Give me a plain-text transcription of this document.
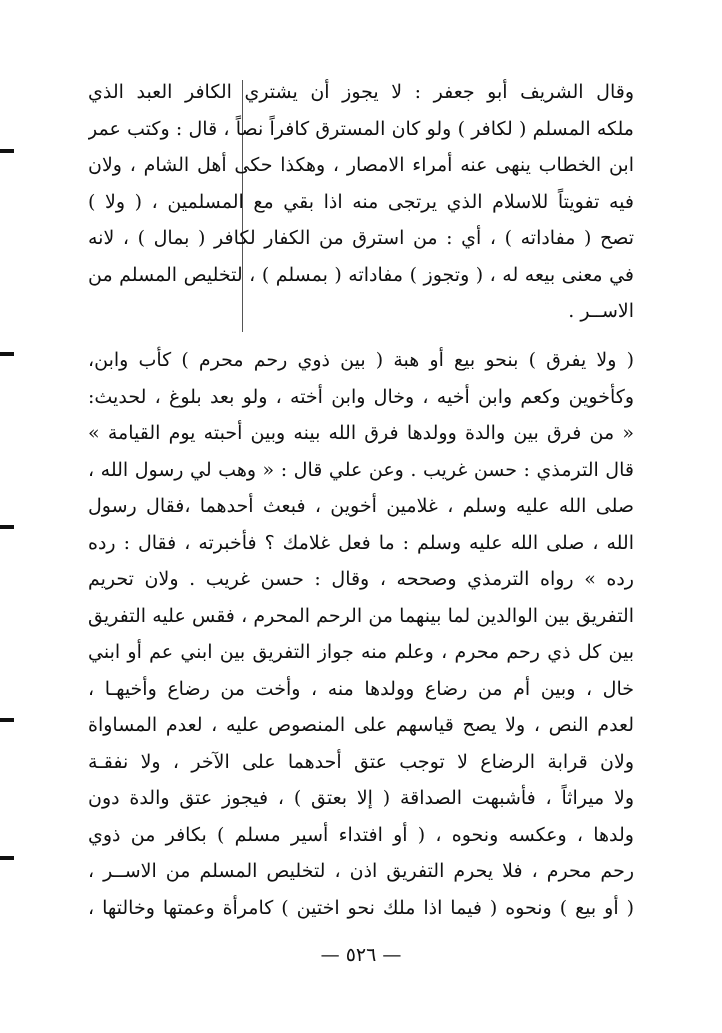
وقال الشريف أبو جعفر : لا يجوز أن يشتري الكافر العبد الذي
ملكه المسلم ( لكافر ) ولو كان المسترق كافراً نصاً ، قال : وكتب عمر
ابن الخطاب ينهى عنه أمراء الامصار ، وهكذا حكى أهل الشام ، ولان
فيه تفويتاً للاسلام الذي يرتجى منه اذا بقي مع المسلمين ، ( ولا )
تصح ( مفاداته ) ، أي : من استرق من الكفار لكافر ( بمال ) ، لانه
في معنى بيعه له ، ( وتجوز ) مفاداته ( بمسلم ) ، لتخليص المسلم من
الاســر .
( ولا يفرق ) بنحو بيع أو هبة ( بين ذوي رحم محرم ) كأب وابن،
وكأخوين وكعم وابن أخيه ، وخال وابن أخته ، ولو بعد بلوغ ، لحديث:
« من فرق بين والدة وولدها فرق الله بينه وبين أحبته يوم القيامة »
قال الترمذي : حسن غريب . وعن علي قال : « وهب لي رسول الله ،
صلى الله عليه وسلم ، غلامين أخوين ، فبعث أحدهما ،فقال رسول
الله ، صلى الله عليه وسلم : ما فعل غلامك ؟ فأخبرته ، فقال : رده
رده » رواه الترمذي وصححه ، وقال : حسن غريب . ولان تحريم
التفريق بين الوالدين لما بينهما من الرحم المحرم ، فقس عليه التفريق
بين كل ذي رحم محرم ، وعلم منه جواز التفريق بين ابني عم أو ابني
خال ، وبين أم من رضاع وولدها منه ، وأخت من رضاع وأخيهـا ،
لعدم النص ، ولا يصح قياسهم على المنصوص عليه ، لعدم المساواة
ولان قرابة الرضاع لا توجب عتق أحدهما على الآخر ، ولا نفقـة
ولا ميراثاً ، فأشبهت الصداقة ( إلا بعتق ) ، فيجوز عتق والدة دون
ولدها ، وعكسه ونحوه ، ( أو افتداء أسير مسلم ) بكافر من ذوي
رحم محرم ، فلا يحرم التفريق اذن ، لتخليص المسلم من الاســر ،
( أو بيع ) ونحوه ( فيما اذا ملك نحو اختين ) كامرأة وعمتها وخالتها ،
— ٥٢٦ —
